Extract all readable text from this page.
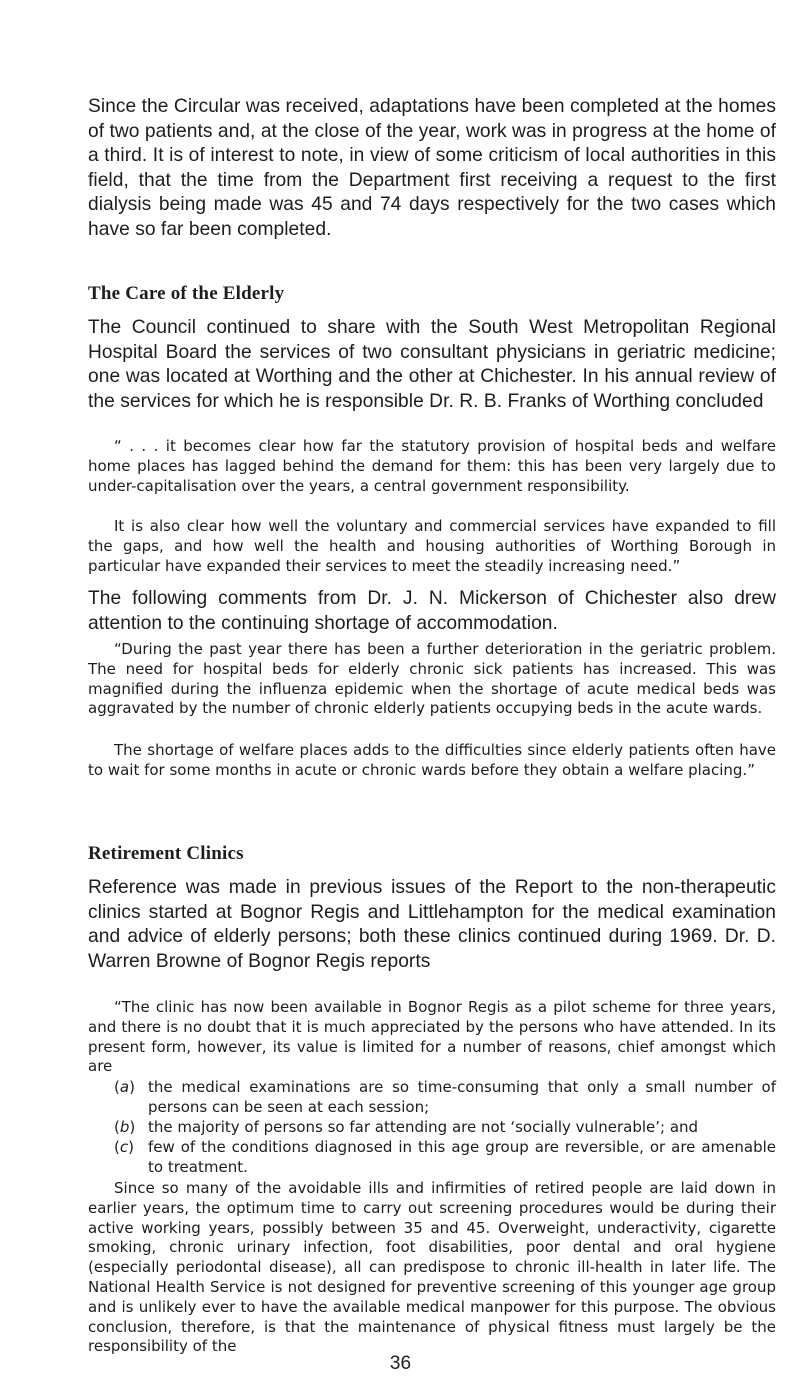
Since the Circular was received, adaptations have been completed at the homes of two patients and, at the close of the year, work was in progress at the home of a third. It is of interest to note, in view of some criticism of local authorities in this field, that the time from the Department first receiving a request to the first dialysis being made was 45 and 74 days respectively for the two cases which have so far been completed.

The Care of the Elderly

The Council continued to share with the South West Metropolitan Regional Hospital Board the services of two consultant physicians in geriatric medicine; one was located at Worthing and the other at Chichester. In his annual review of the services for which he is responsible Dr. R. B. Franks of Worthing concluded

“ . . . it becomes clear how far the statutory provision of hospital beds and welfare home places has lagged behind the demand for them: this has been very largely due to under-capitalisation over the years, a central government responsibility.

It is also clear how well the voluntary and commercial services have expanded to fill the gaps, and how well the health and housing authorities of Worthing Borough in particular have expanded their services to meet the steadily increasing need.”

The following comments from Dr. J. N. Mickerson of Chichester also drew attention to the continuing shortage of accommodation.

“During the past year there has been a further deterioration in the geriatric problem. The need for hospital beds for elderly chronic sick patients has increased. This was magnified during the influenza epidemic when the shortage of acute medical beds was aggravated by the number of chronic elderly patients occupying beds in the acute wards.

The shortage of welfare places adds to the difficulties since elderly patients often have to wait for some months in acute or chronic wards before they obtain a welfare placing.”

Retirement Clinics

Reference was made in previous issues of the Report to the non-therapeutic clinics started at Bognor Regis and Littlehampton for the medical examination and advice of elderly persons; both these clinics continued during 1969. Dr. D. Warren Browne of Bognor Regis reports

“The clinic has now been available in Bognor Regis as a pilot scheme for three years, and there is no doubt that it is much appreciated by the persons who have attended. In its present form, however, its value is limited for a number of reasons, chief amongst which are

(a) the medical examinations are so time-consuming that only a small number of persons can be seen at each session;
(b) the majority of persons so far attending are not ‘socially vulnerable’; and
(c) few of the conditions diagnosed in this age group are reversible, or are amenable to treatment.

Since so many of the avoidable ills and infirmities of retired people are laid down in earlier years, the optimum time to carry out screening procedures would be during their active working years, possibly between 35 and 45. Overweight, underactivity, cigarette smoking, chronic urinary infection, foot disabilities, poor dental and oral hygiene (especially periodontal disease), all can predispose to chronic ill-health in later life. The National Health Service is not designed for preventive screening of this younger age group and is unlikely ever to have the available medical manpower for this purpose. The obvious conclusion, therefore, is that the maintenance of physical fitness must largely be the responsibility of the

36
